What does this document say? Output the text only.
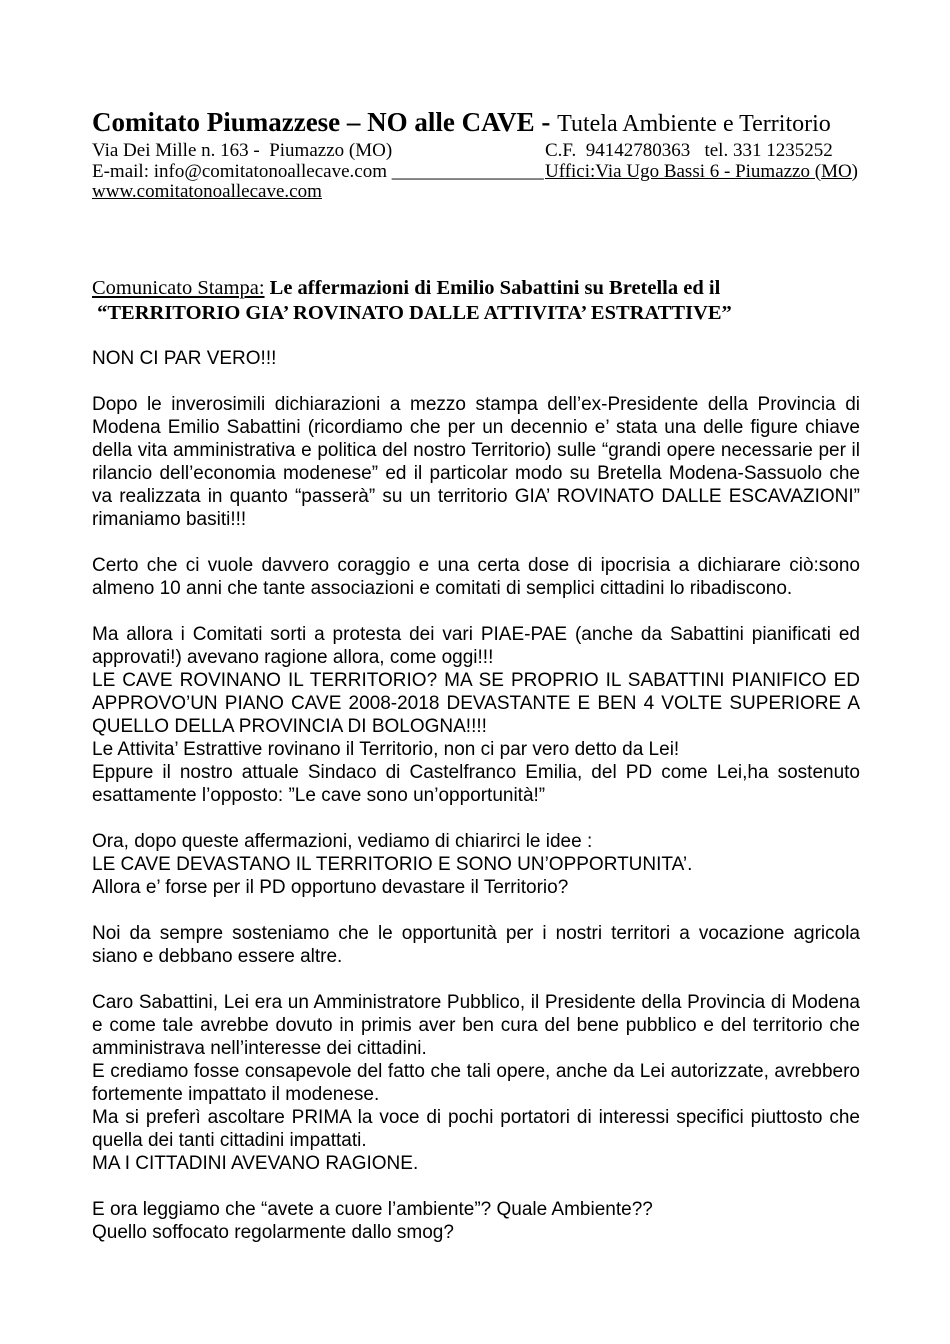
Comitato Piumazzese – NO alle CAVE - Tutela Ambiente e Territorio
Via Dei Mille n. 163 -  Piumazzo (MO)	C.F.  94142780363   tel. 331 1235252
E-mail: info@comitatonoallecave.com ________________ Uffici:Via Ugo Bassi 6 - Piumazzo (MO)
www.comitatonoallecave.com
Comunicato Stampa: Le affermazioni di Emilio Sabattini su Bretella ed il
“TERRITORIO GIA’ ROVINATO DALLE ATTIVITA’ ESTRATTIVE”

NON CI PAR VERO!!!

Dopo le inverosimili dichiarazioni a mezzo stampa dell’ex-Presidente della Provincia di Modena Emilio Sabattini (ricordiamo che per un decennio e’ stata una delle figure chiave della vita amministrativa e politica del nostro Territorio) sulle “grandi opere necessarie per il rilancio dell’economia modenese” ed il particolar modo su Bretella Modena-Sassuolo che va realizzata in quanto “passerà” su un territorio GIA’ ROVINATO DALLE ESCAVAZIONI” rimaniamo basiti!!!

Certo che ci vuole davvero coraggio e una certa dose di ipocrisia a dichiarare ciò:sono almeno 10 anni che tante associazioni e comitati di semplici cittadini lo ribadiscono.

Ma allora i Comitati sorti a protesta dei vari PIAE-PAE (anche da Sabattini pianificati ed approvati!) avevano ragione allora, come oggi!!!

LE CAVE ROVINANO IL TERRITORIO? MA SE PROPRIO IL SABATTINI PIANIFICO ED APPROVO’UN PIANO CAVE 2008-2018 DEVASTANTE E BEN 4 VOLTE SUPERIORE A QUELLO DELLA PROVINCIA DI BOLOGNA!!!!

Le Attivita’ Estrattive rovinano il Territorio, non ci par vero detto da Lei!

Eppure il nostro attuale Sindaco di Castelfranco Emilia, del PD come Lei,ha sostenuto esattamente l’opposto: ”Le cave sono un’opportunità!”

Ora, dopo queste affermazioni, vediamo di chiarirci le idee :

LE CAVE DEVASTANO IL TERRITORIO E SONO UN’OPPORTUNITA’.

Allora e’ forse per il PD opportuno devastare il Territorio?

Noi da sempre sosteniamo che le opportunità per i nostri territori a vocazione agricola siano e debbano essere altre.

Caro Sabattini, Lei era un Amministratore Pubblico, il Presidente della Provincia di Modena e come tale avrebbe dovuto in primis aver ben cura del bene pubblico e del territorio che amministrava nell’interesse dei cittadini.

E crediamo fosse consapevole del fatto che tali opere, anche da Lei autorizzate, avrebbero fortemente impattato il modenese.

Ma si preferì ascoltare PRIMA la voce di pochi portatori di interessi specifici piuttosto che quella dei tanti cittadini impattati.

MA I CITTADINI AVEVANO RAGIONE.

E ora leggiamo che “avete a cuore l’ambiente”? Quale Ambiente??

Quello soffocato regolarmente dallo smog?
